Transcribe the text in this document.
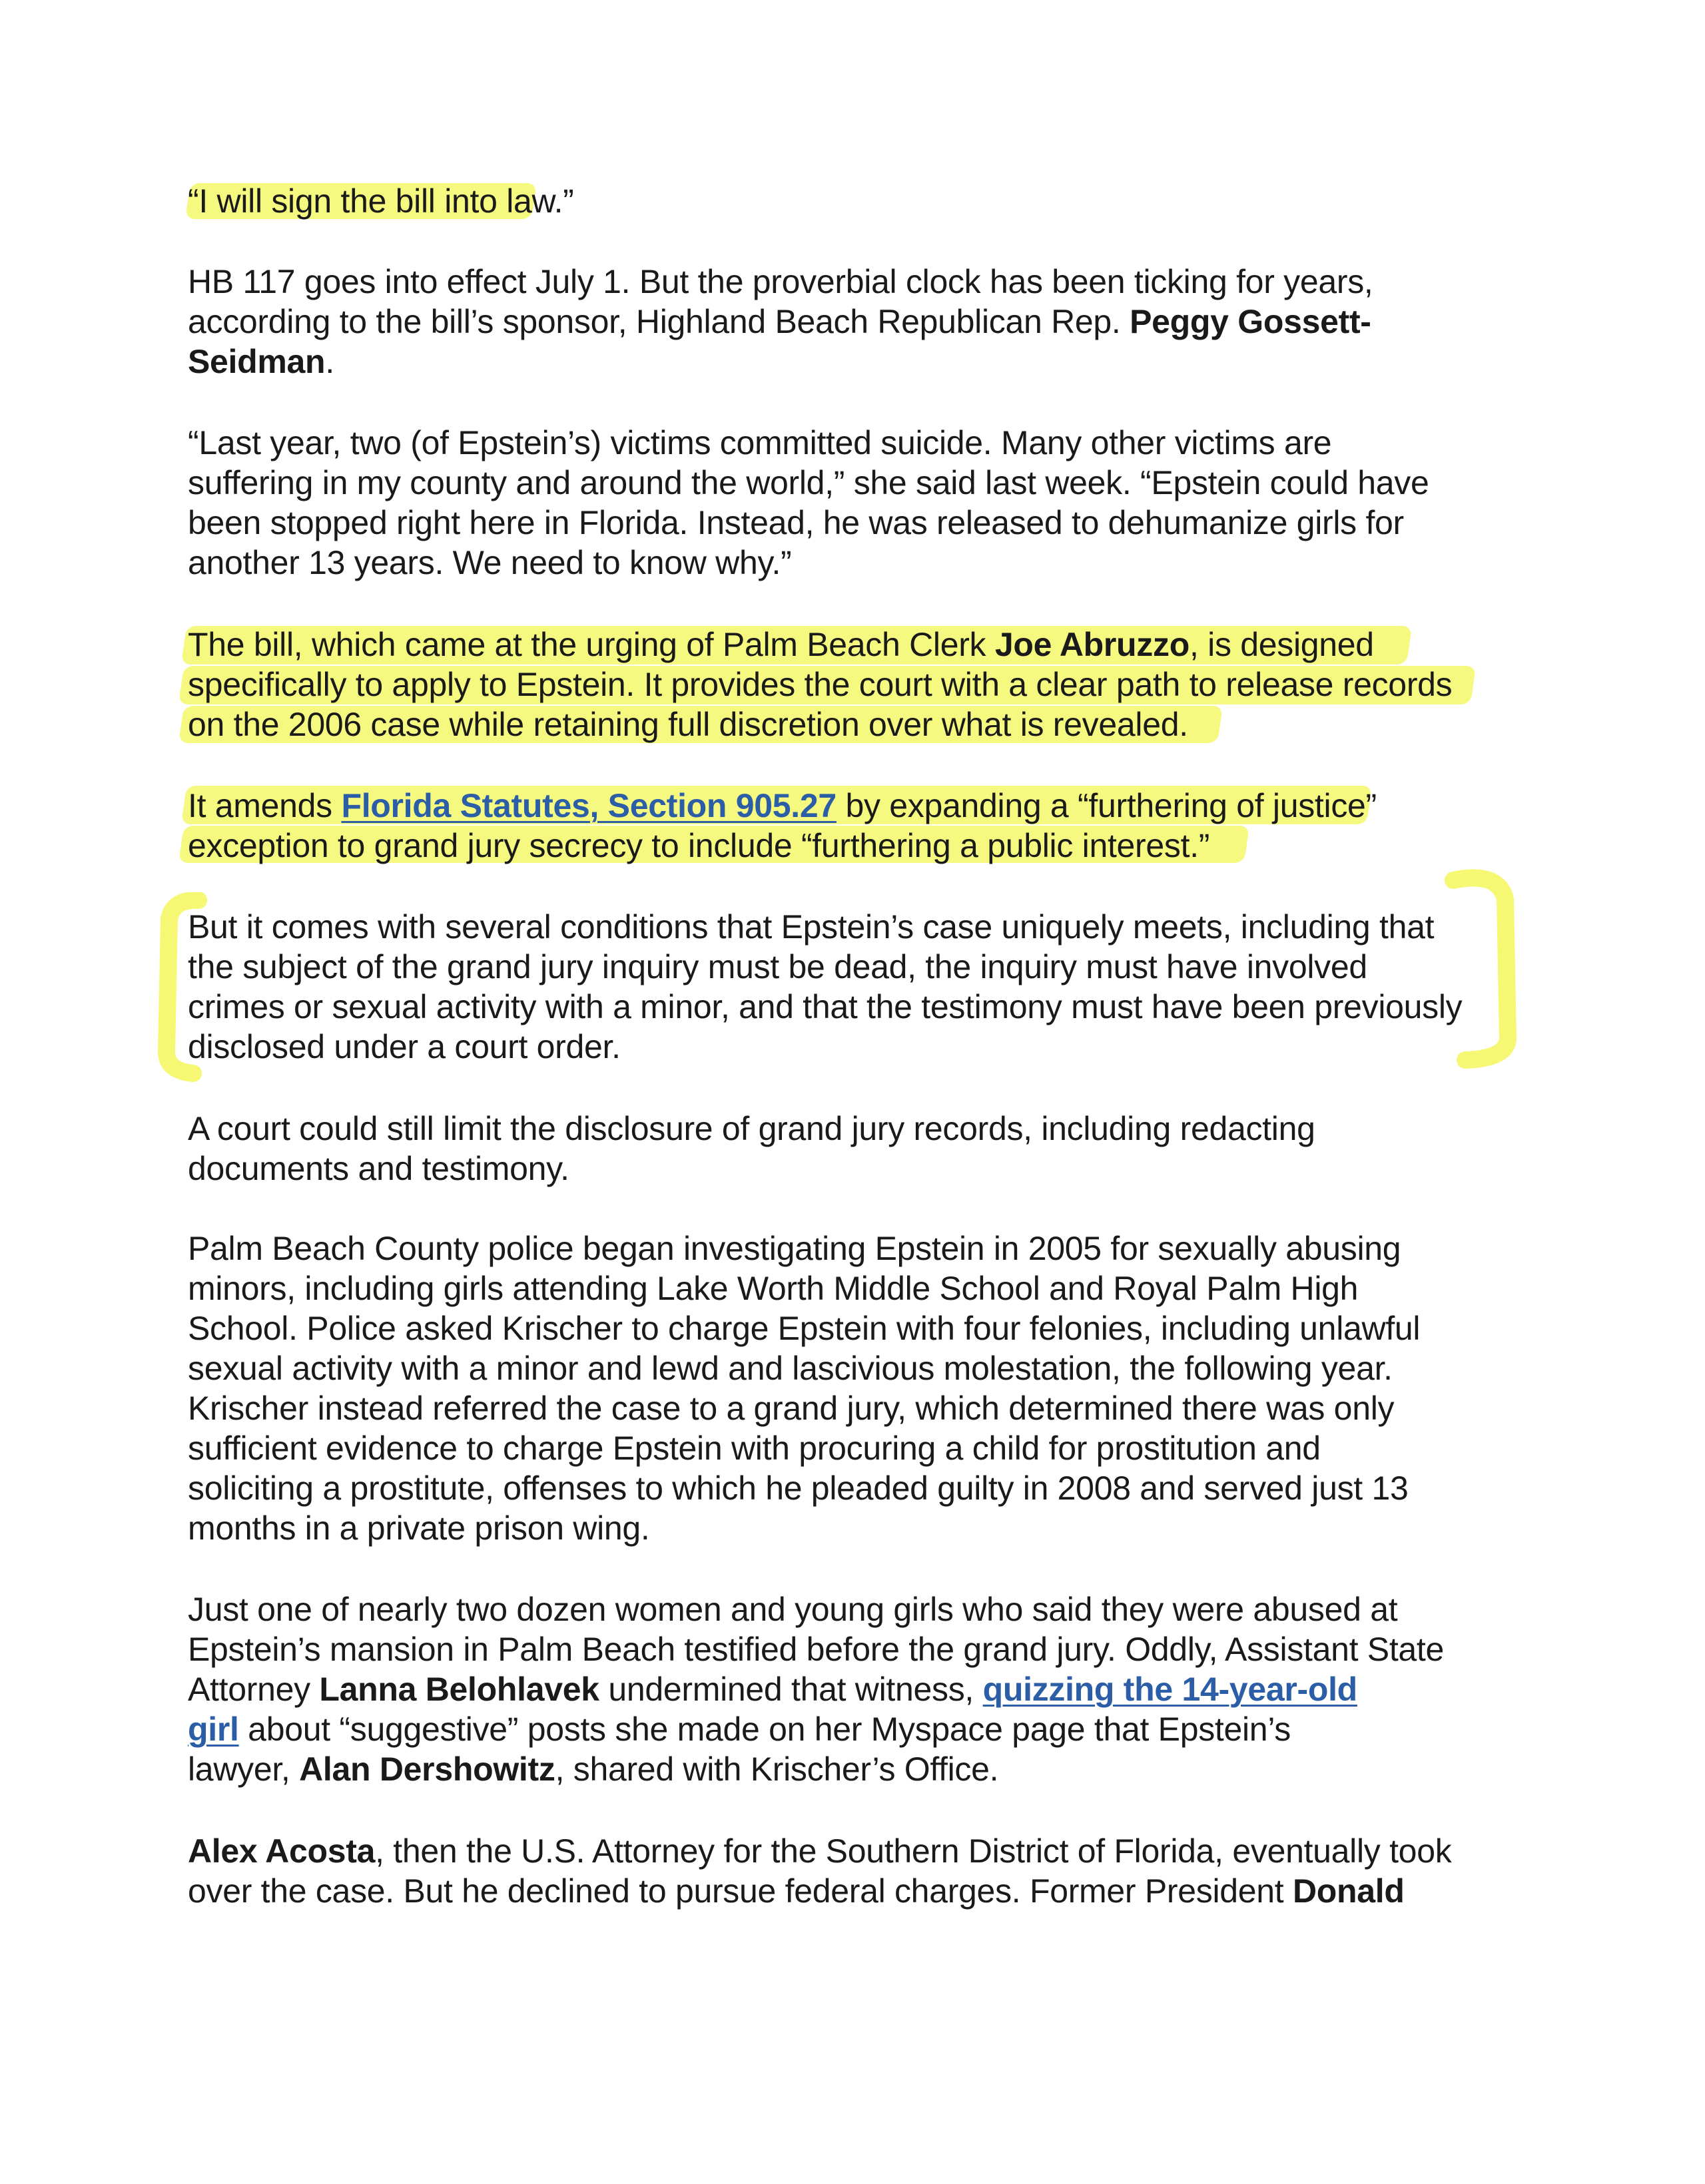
“I will sign the bill into law.”

HB 117 goes into effect July 1. But the proverbial clock has been ticking for years,
according to the bill’s sponsor, Highland Beach Republican Rep. Peggy Gossett-
Seidman.

“Last year, two (of Epstein’s) victims committed suicide. Many other victims are
suffering in my county and around the world,” she said last week. “Epstein could have
been stopped right here in Florida. Instead, he was released to dehumanize girls for
another 13 years. We need to know why.”

The bill, which came at the urging of Palm Beach Clerk Joe Abruzzo, is designed
specifically to apply to Epstein. It provides the court with a clear path to release records
on the 2006 case while retaining full discretion over what is revealed.

It amends Florida Statutes, Section 905.27 by expanding a “furthering of justice”
exception to grand jury secrecy to include “furthering a public interest.”

But it comes with several conditions that Epstein’s case uniquely meets, including that
the subject of the grand jury inquiry must be dead, the inquiry must have involved
crimes or sexual activity with a minor, and that the testimony must have been previously
disclosed under a court order.

A court could still limit the disclosure of grand jury records, including redacting
documents and testimony.

Palm Beach County police began investigating Epstein in 2005 for sexually abusing
minors, including girls attending Lake Worth Middle School and Royal Palm High
School. Police asked Krischer to charge Epstein with four felonies, including unlawful
sexual activity with a minor and lewd and lascivious molestation, the following year.
Krischer instead referred the case to a grand jury, which determined there was only
sufficient evidence to charge Epstein with procuring a child for prostitution and
soliciting a prostitute, offenses to which he pleaded guilty in 2008 and served just 13
months in a private prison wing.

Just one of nearly two dozen women and young girls who said they were abused at
Epstein’s mansion in Palm Beach testified before the grand jury. Oddly, Assistant State
Attorney Lanna Belohlavek undermined that witness, quizzing the 14-year-old
girl about “suggestive” posts she made on her Myspace page that Epstein’s
lawyer, Alan Dershowitz, shared with Krischer’s Office.

Alex Acosta, then the U.S. Attorney for the Southern District of Florida, eventually took
over the case. But he declined to pursue federal charges. Former President Donald
